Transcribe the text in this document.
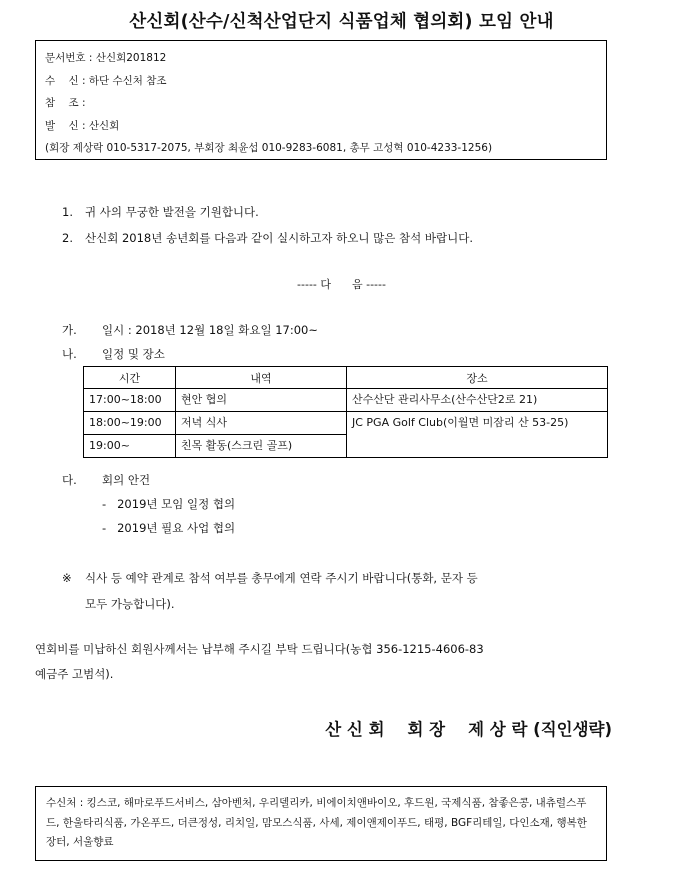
산신회(산수/신척산업단지 식품업체 협의회) 모임 안내
문서번호 : 산신회201812
수    신 : 하단 수신처 참조
참    조 :
발    신 : 산신회
(회장 제상락 010-5317-2075, 부회장 최윤섭 010-9283-6081, 총무 고성혁 010-4233-1256)
1. 귀 사의 무궁한 발전을 기원합니다.
2. 산신회 2018년 송년회를 다음과 같이 실시하고자 하오니 많은 참석 바랍니다.
----- 다      음 -----
가. 일시 : 2018년 12월 18일 화요일 17:00~
나. 일정 및 장소
시간	내역	장소
17:00~18:00	현안 협의	산수산단 관리사무소(산수산단2로 21)
18:00~19:00	저녁 식사	JC PGA Golf Club(이월면 미잠리 산 53-25)
19:00~	친목 활동(스크린 골프)	
다. 회의 안건
-   2019년 모임 일정 협의
-   2019년 필요 사업 협의
※ 식사 등 예약 관계로 참석 여부를 총무에게 연락 주시기 바랍니다(통화, 문자 등
모두 가능합니다).
연회비를 미납하신 회원사께서는 납부해 주시길 부탁 드립니다(농협 356-1215-4606-83
예금주 고범석).
산 신 회    회 장    제 상 락 (직인생략)
수신처 : 킹스코, 해마로푸드서비스, 삼아벤처, 우리델리카, 비에이치앤바이오, 후드원, 국제식품, 참좋은콩, 내츄럴스푸드, 한울타리식품, 가온푸드, 더큰정성, 리치일, 맘모스식품, 사세, 제이앤제이푸드, 태평, BGF리테일, 다인소재, 행복한장터, 서울향료
